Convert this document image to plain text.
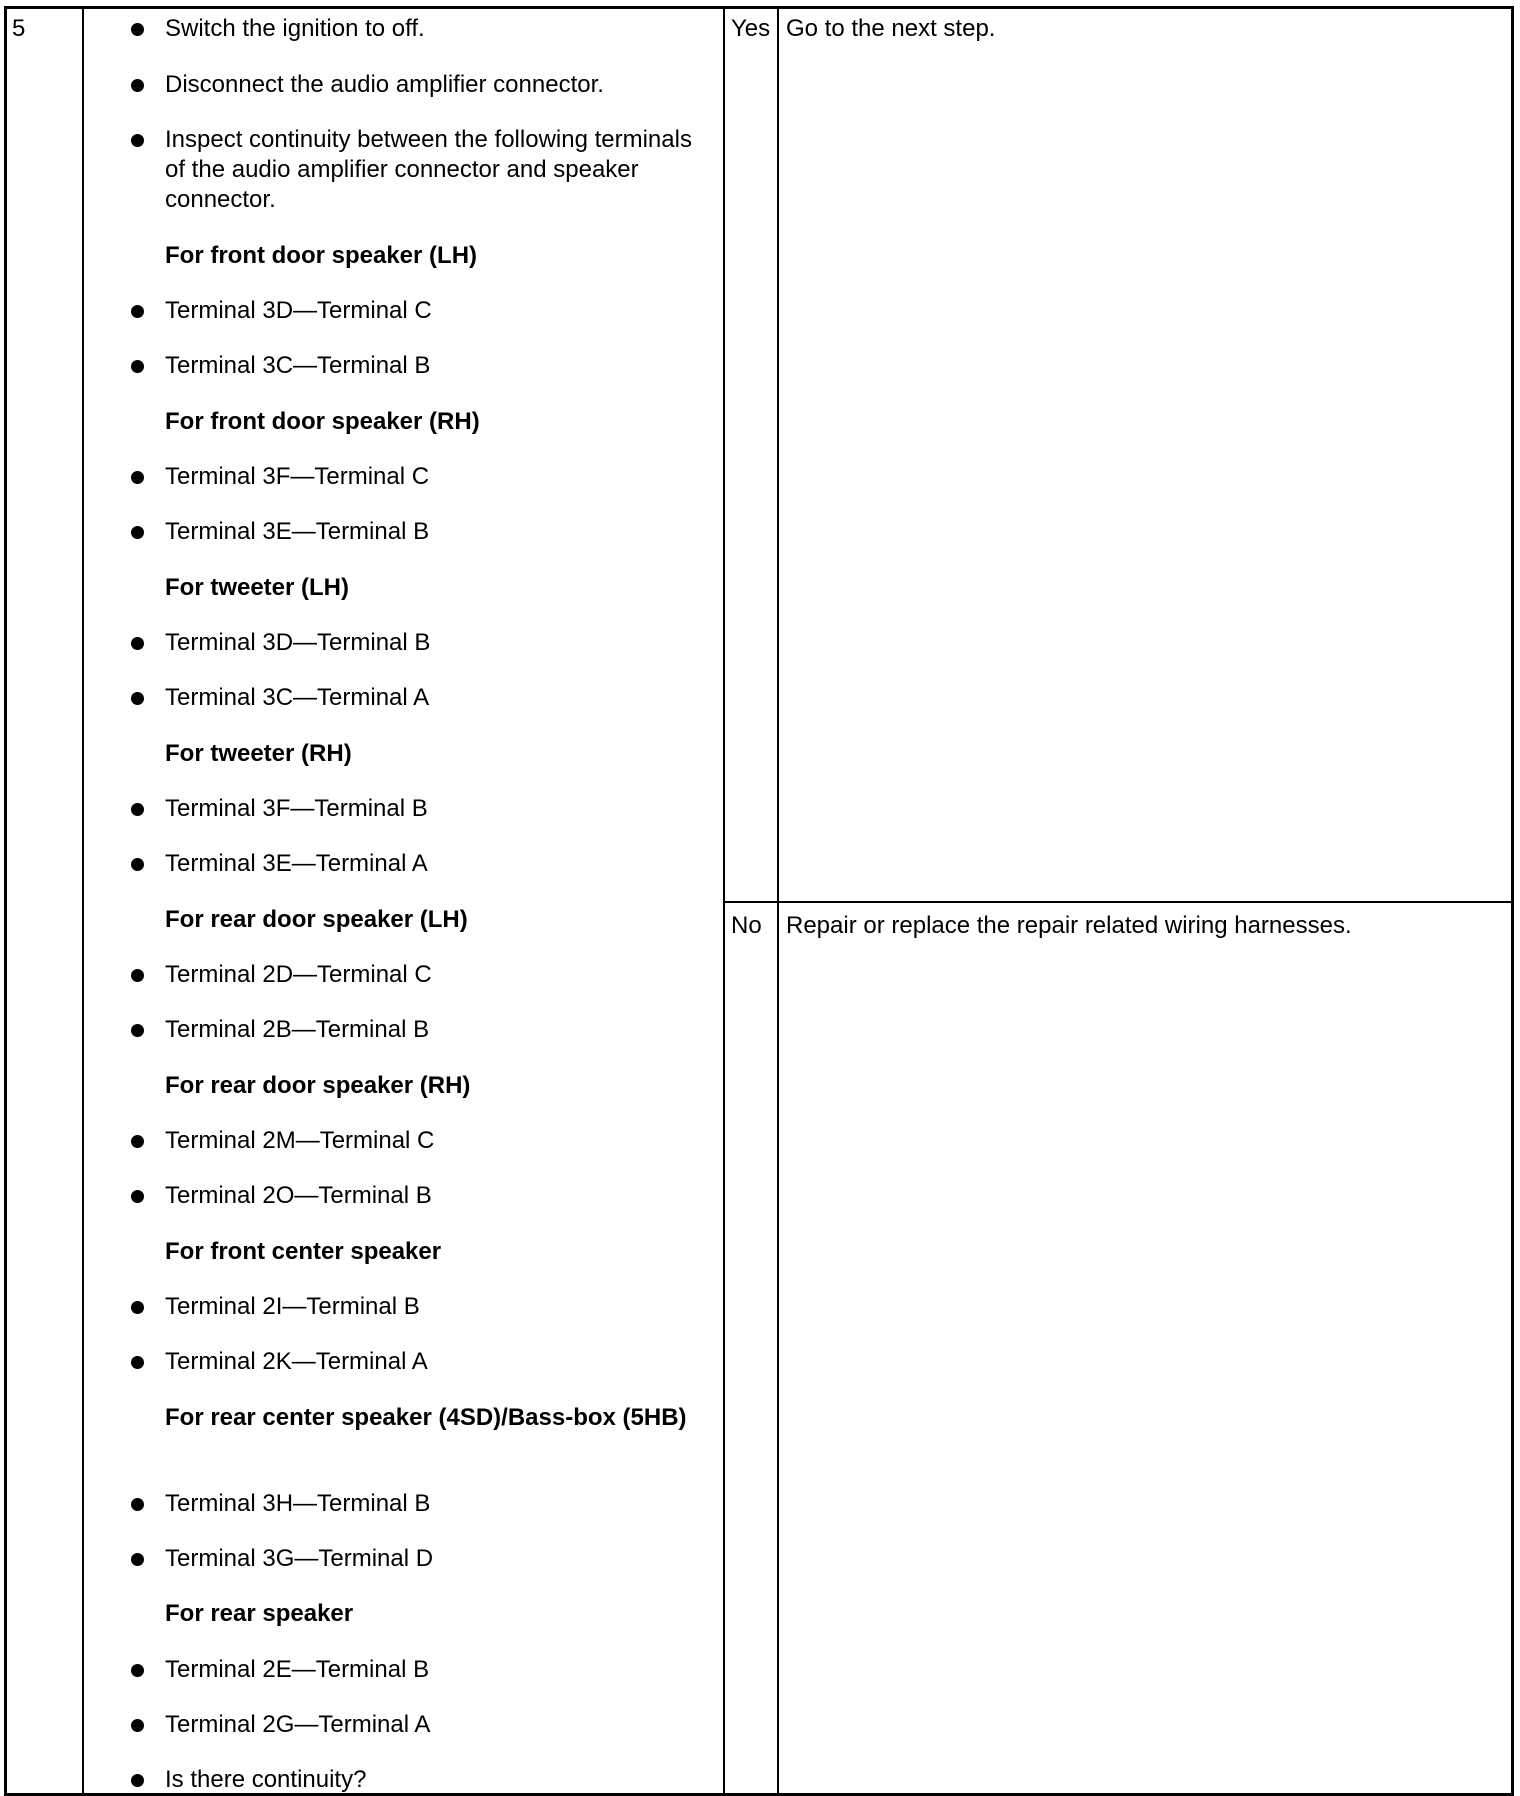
5	Switch the ignition to off.
Disconnect the audio amplifier connector.
Inspect continuity between the following terminals of the audio amplifier connector and speaker connector.
For front door speaker (LH)
Terminal 3D—Terminal C
Terminal 3C—Terminal B
For front door speaker (RH)
Terminal 3F—Terminal C
Terminal 3E—Terminal B
For tweeter (LH)
Terminal 3D—Terminal B
Terminal 3C—Terminal A
For tweeter (RH)
Terminal 3F—Terminal B
Terminal 3E—Terminal A
For rear door speaker (LH)
Terminal 2D—Terminal C
Terminal 2B—Terminal B
For rear door speaker (RH)
Terminal 2M—Terminal C
Terminal 2O—Terminal B
For front center speaker
Terminal 2I—Terminal B
Terminal 2K—Terminal A
For rear center speaker (4SD)/Bass-box (5HB)
Terminal 3H—Terminal B
Terminal 3G—Terminal D
For rear speaker
Terminal 2E—Terminal B
Terminal 2G—Terminal A
Is there continuity?
Yes Go to the next step.
No Repair or replace the repair related wiring harnesses.
